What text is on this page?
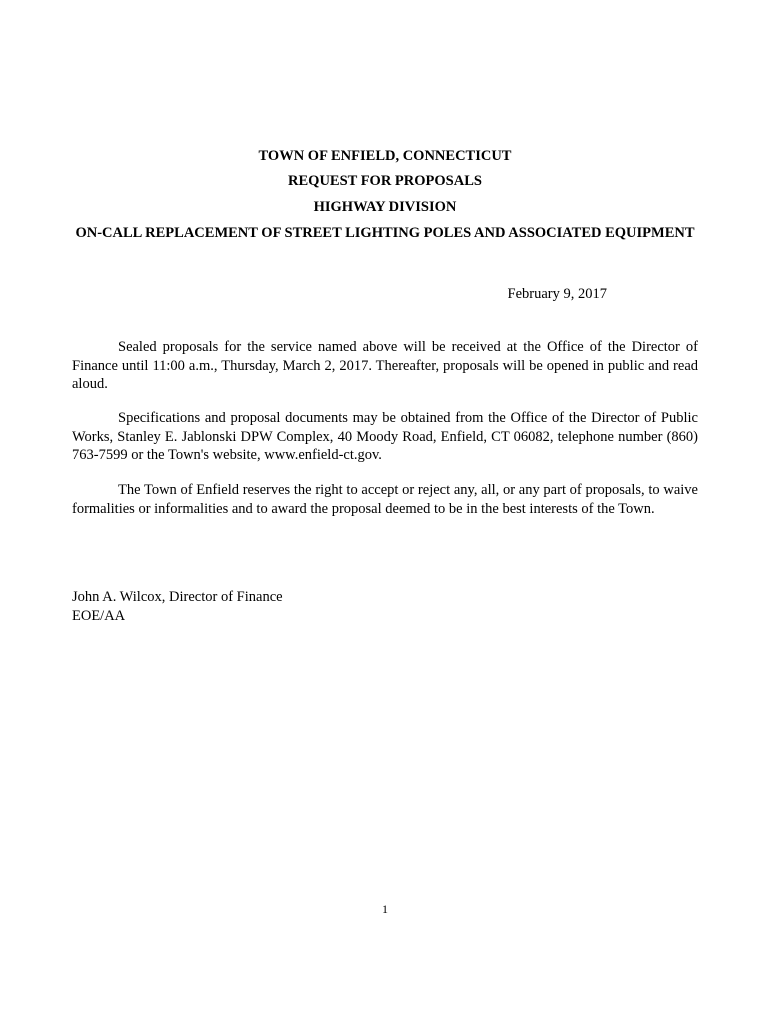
TOWN OF ENFIELD, CONNECTICUT
REQUEST FOR PROPOSALS
HIGHWAY DIVISION
ON-CALL REPLACEMENT OF STREET LIGHTING POLES AND ASSOCIATED EQUIPMENT
February 9, 2017

Sealed proposals for the service named above will be received at the Office of the Director of Finance until 11:00 a.m., Thursday, March 2, 2017. Thereafter, proposals will be opened in public and read aloud.

Specifications and proposal documents may be obtained from the Office of the Director of Public Works, Stanley E. Jablonski DPW Complex, 40 Moody Road, Enfield, CT 06082, telephone number (860) 763-7599 or the Town's website, www.enfield-ct.gov.

The Town of Enfield reserves the right to accept or reject any, all, or any part of proposals, to waive formalities or informalities and to award the proposal deemed to be in the best interests of the Town.

John A. Wilcox, Director of Finance
EOE/AA
1
